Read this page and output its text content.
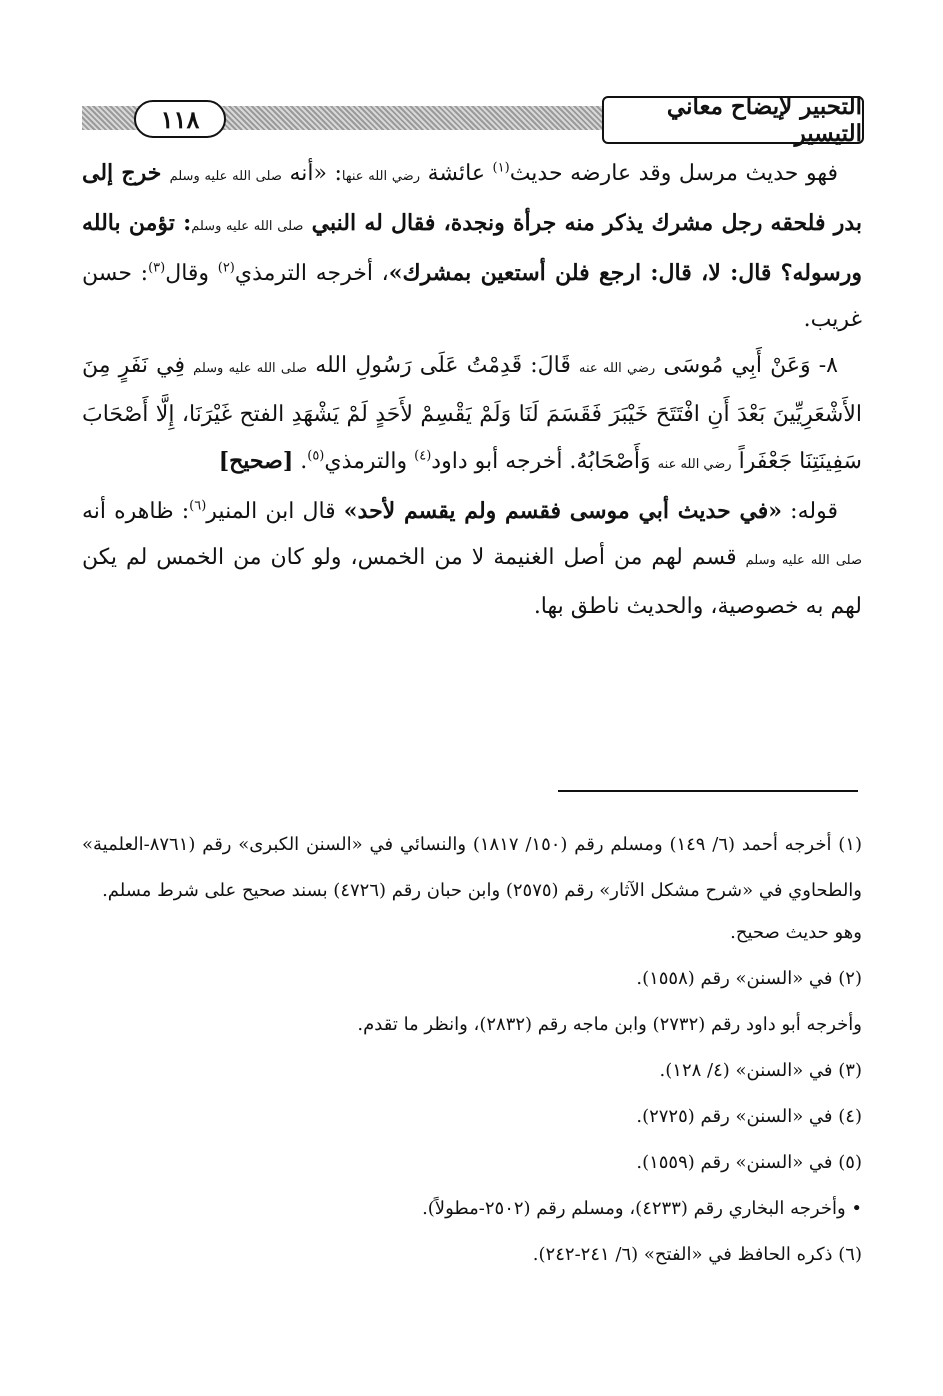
١١٨	التحبير لإيضاح معاني التيسير

فهو حديث مرسل وقد عارضه حديث$^{(١)}$ عائشة رضي الله عنها: «أنه صلى الله عليه وسلم خرج إلى بدر فلحقه رجل مشرك يذكر منه جرأة ونجدة، فقال له النبي صلى الله عليه وسلم: تؤمن بالله ورسوله؟ قال: لا، قال: ارجع فلن أستعين بمشرك»، أخرجه الترمذي$^{(٢)}$ وقال$^{(٣)}$: حسن غريب.

٨- وَعَنْ أَبِي مُوسَى رضي الله عنه قَالَ: قَدِمْتُ عَلَى رَسُولِ الله صلى الله عليه وسلم فِي نَفَرٍ مِنَ الأَشْعَرِيِّينَ بَعْدَ أَنِ افْتَتَحَ خَيْبَرَ فَقَسَمَ لَنَا وَلَمْ يَقْسِمْ لأَحَدٍ لَمْ يَشْهَدِ الفتح غَيْرَنَا، إِلَّا أَصْحَابَ سَفِينَتِنَا جَعْفَراً رضي الله عنه وَأَصْحَابُهُ. أخرجه أبو داود$^{(٤)}$ والترمذي$^{(٥)}$. [صحيح]

قوله: «في حديث أبي موسى فقسم ولم يقسم لأحد» قال ابن المنير$^{(٦)}$: ظاهره أنه صلى الله عليه وسلم قسم لهم من أصل الغنيمة لا من الخمس، ولو كان من الخمس لم يكن لهم به خصوصية، والحديث ناطق بها.

(١) أخرجه أحمد (٦/ ١٤٩) ومسلم رقم (١٥٠/ ١٨١٧) والنسائي في «السنن الكبرى» رقم (٨٧٦١-العلمية» والطحاوي في «شرح مشكل الآثار» رقم (٢٥٧٥) وابن حبان رقم (٤٧٢٦) بسند صحيح على شرط مسلم.

وهو حديث صحيح.

(٢) في «السنن» رقم (١٥٥٨).

وأخرجه أبو داود رقم (٢٧٣٢) وابن ماجه رقم (٢٨٣٢)، وانظر ما تقدم.

(٣) في «السنن» (٤/ ١٢٨).

(٤) في «السنن» رقم (٢٧٢٥).

(٥) في «السنن» رقم (١٥٥٩).

• وأخرجه البخاري رقم (٤٢٣٣)، ومسلم رقم (٢٥٠٢-مطولاً).

(٦) ذكره الحافظ في «الفتح» (٦/ ٢٤١-٢٤٢).
